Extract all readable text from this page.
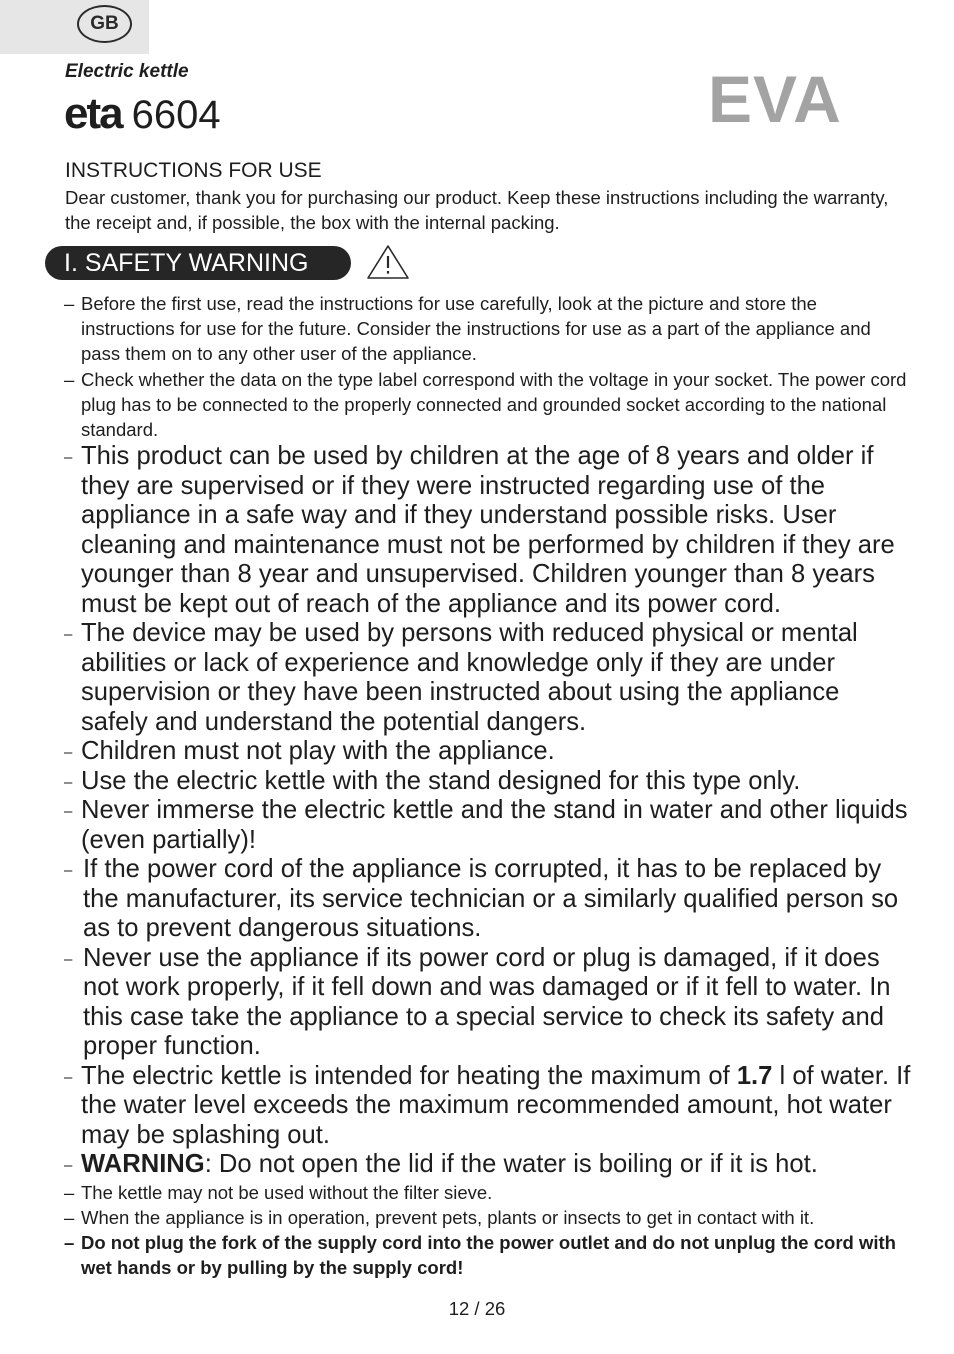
GB
Electric kettle
eta 6604	EVA
INSTRUCTIONS FOR USE
Dear customer, thank you for purchasing our product. Keep these instructions including the warranty, the receipt and, if possible, the box with the internal packing.
I. SAFETY WARNING
– Before the first use, read the instructions for use carefully, look at the picture and store the instructions for use for the future. Consider the instructions for use as a part of the appliance and pass them on to any other user of the appliance.
– Check whether the data on the type label correspond with the voltage in your socket. The power cord plug has to be connected to the properly connected and grounded socket according to the national standard.
– This product can be used by children at the age of 8 years and older if they are supervised or if they were instructed regarding use of the appliance in a safe way and if they understand possible risks. User cleaning and maintenance must not be performed by children if they are younger than 8 year and unsupervised. Children younger than 8 years must be kept out of reach of the appliance and its power cord.
– The device may be used by persons with reduced physical or mental abilities or lack of experience and knowledge only if they are under supervision or they have been instructed about using the appliance safely and understand the potential dangers.
– Children must not play with the appliance.
– Use the electric kettle with the stand designed for this type only.
– Never immerse the electric kettle and the stand in water and other liquids (even partially)!
– If the power cord of the appliance is corrupted, it has to be replaced by the manufacturer, its service technician or a similarly qualified person so as to prevent dangerous situations.
– Never use the appliance if its power cord or plug is damaged, if it does not work properly, if it fell down and was damaged or if it fell to water. In this case take the appliance to a special service to check its safety and proper function.
– The electric kettle is intended for heating the maximum of 1.7 l of water. If the water level exceeds the maximum recommended amount, hot water may be splashing out.
– WARNING: Do not open the lid if the water is boiling or if it is hot.
– The kettle may not be used without the filter sieve.
– When the appliance is in operation, prevent pets, plants or insects to get in contact with it.
– Do not plug the fork of the supply cord into the power outlet and do not unplug the cord with wet hands or by pulling by the supply cord!
12 / 26
